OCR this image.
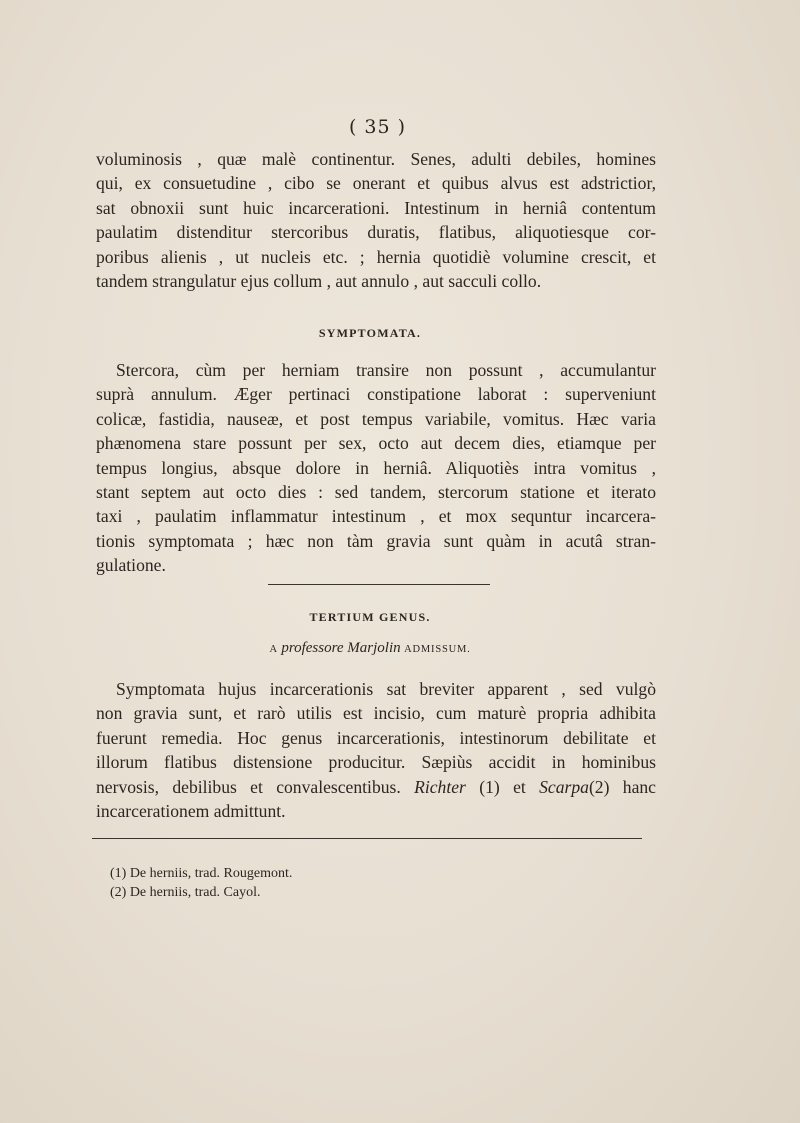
( 35 )
voluminosis , quæ malè continentur. Senes, adulti debiles, homines
qui, ex consuetudine , cibo se onerant et quibus alvus est adstrictior,
sat obnoxii sunt huic incarcerationi. Intestinum in herniâ contentum
paulatim distenditur stercoribus duratis, flatibus, aliquotiesque cor-
poribus alienis , ut nucleis etc. ; hernia quotidiè volumine crescit, et
tandem strangulatur ejus collum , aut annulo , aut sacculi collo.
SYMPTOMATA.
Stercora, cùm per herniam transire non possunt , accumulantur
suprà annulum. Æger pertinaci constipatione laborat : superveniunt
colicæ, fastidia, nauseæ, et post tempus variabile, vomitus. Hæc varia
phænomena stare possunt per sex, octo aut decem dies, etiamque per
tempus longius, absque dolore in herniâ. Aliquotiès intra vomitus ,
stant septem aut octo dies : sed tandem, stercorum statione et iterato
taxi , paulatim inflammatur intestinum , et mox sequntur incarcera-
tionis symptomata ; hæc non tàm gravia sunt quàm in acutâ stran-
gulatione.
TERTIUM GENUS.
A professore Marjolin ADMISSUM.
Symptomata hujus incarcerationis sat breviter apparent , sed vulgò
non gravia sunt, et rarò utilis est incisio, cum maturè propria adhibita
fuerunt remedia. Hoc genus incarcerationis, intestinorum debilitate et
illorum flatibus distensione producitur. Sæpiùs accidit in hominibus
nervosis, debilibus et convalescentibus. Richter (1) et Scarpa(2) hanc
incarcerationem admittunt.
(1) De herniis, trad. Rougemont.
(2) De herniis, trad. Cayol.
